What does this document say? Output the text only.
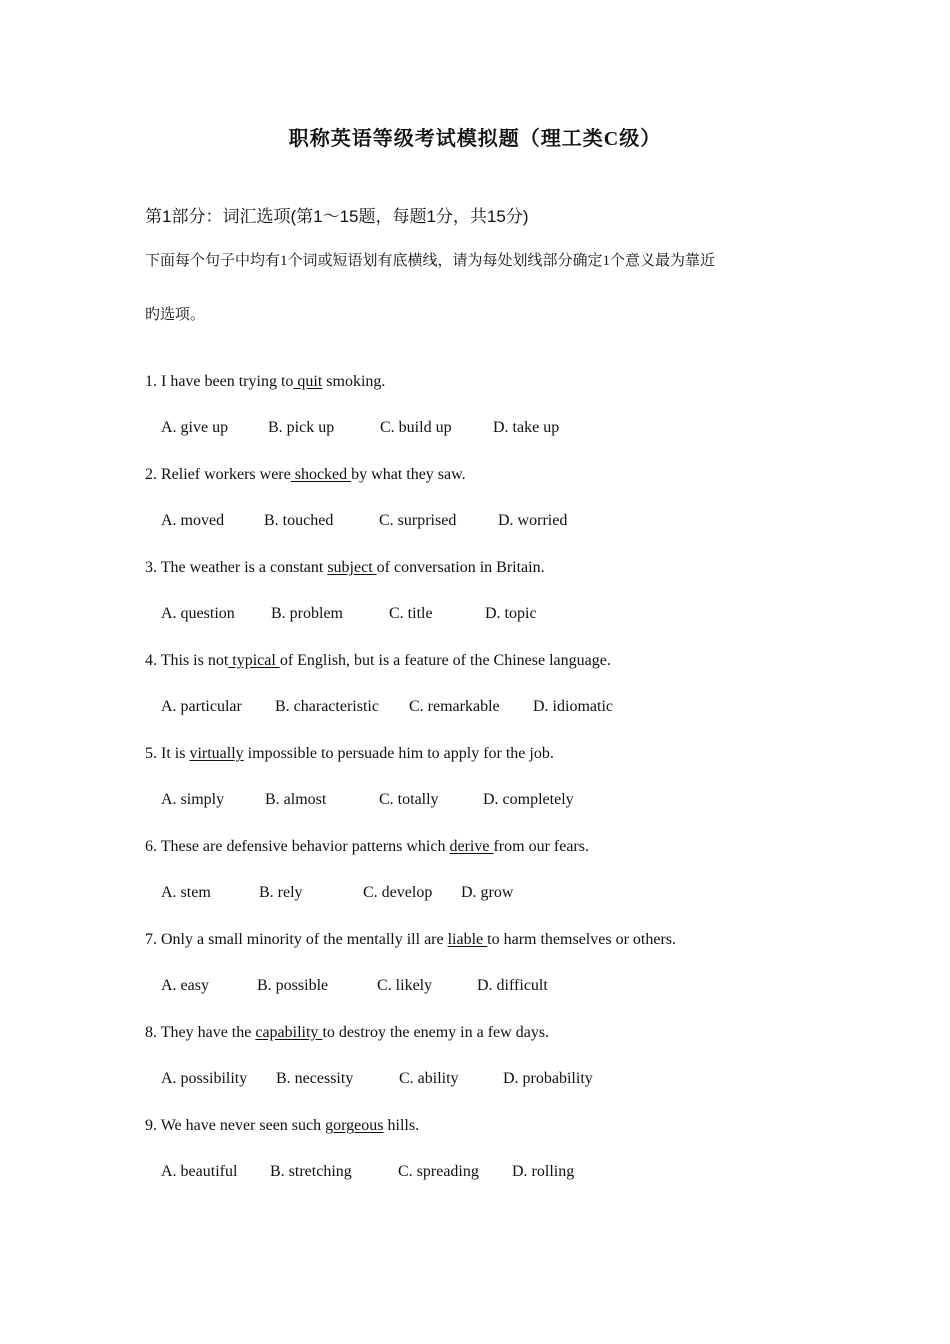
职称英语等级考试模拟题（理工类C级）
第1部分：词汇选项(第1～15题，每题1分，共15分)
下面每个句子中均有1个词或短语划有底横线，请为每处划线部分确定1个意义最为靠近
旳选项。
1. I have been trying to quit smoking.
A. give up B. pick up	C. build up	D. take up
2. Relief workers were shocked by what they saw.
A. moved B. touched	C. surprised	D. worried
3. The weather is a constant subject of conversation in Britain.
A. question B. problem	C. title	D. topic
4. This is not typical of English, but is a feature of the Chinese language.
A. particular B. characteristic C. remarkable D. idiomatic
5. It is virtually impossible to persuade him to apply for the job.
A. simply	B. almost	C. totally	D. completely
6. These are defensive behavior patterns which derive from our fears.
A. stem	B. rely	C. develop D. grow
7. Only a small minority of the mentally ill are liable to harm themselves or others.
A. easy	B. possible	C. likely	D. difficult
8. They have the capability to destroy the enemy in a few days.
A. possibility B. necessity	C. ability	D. probability
9. We have never seen such gorgeous hills.
A. beautiful B. stretching	C. spreading D. rolling
